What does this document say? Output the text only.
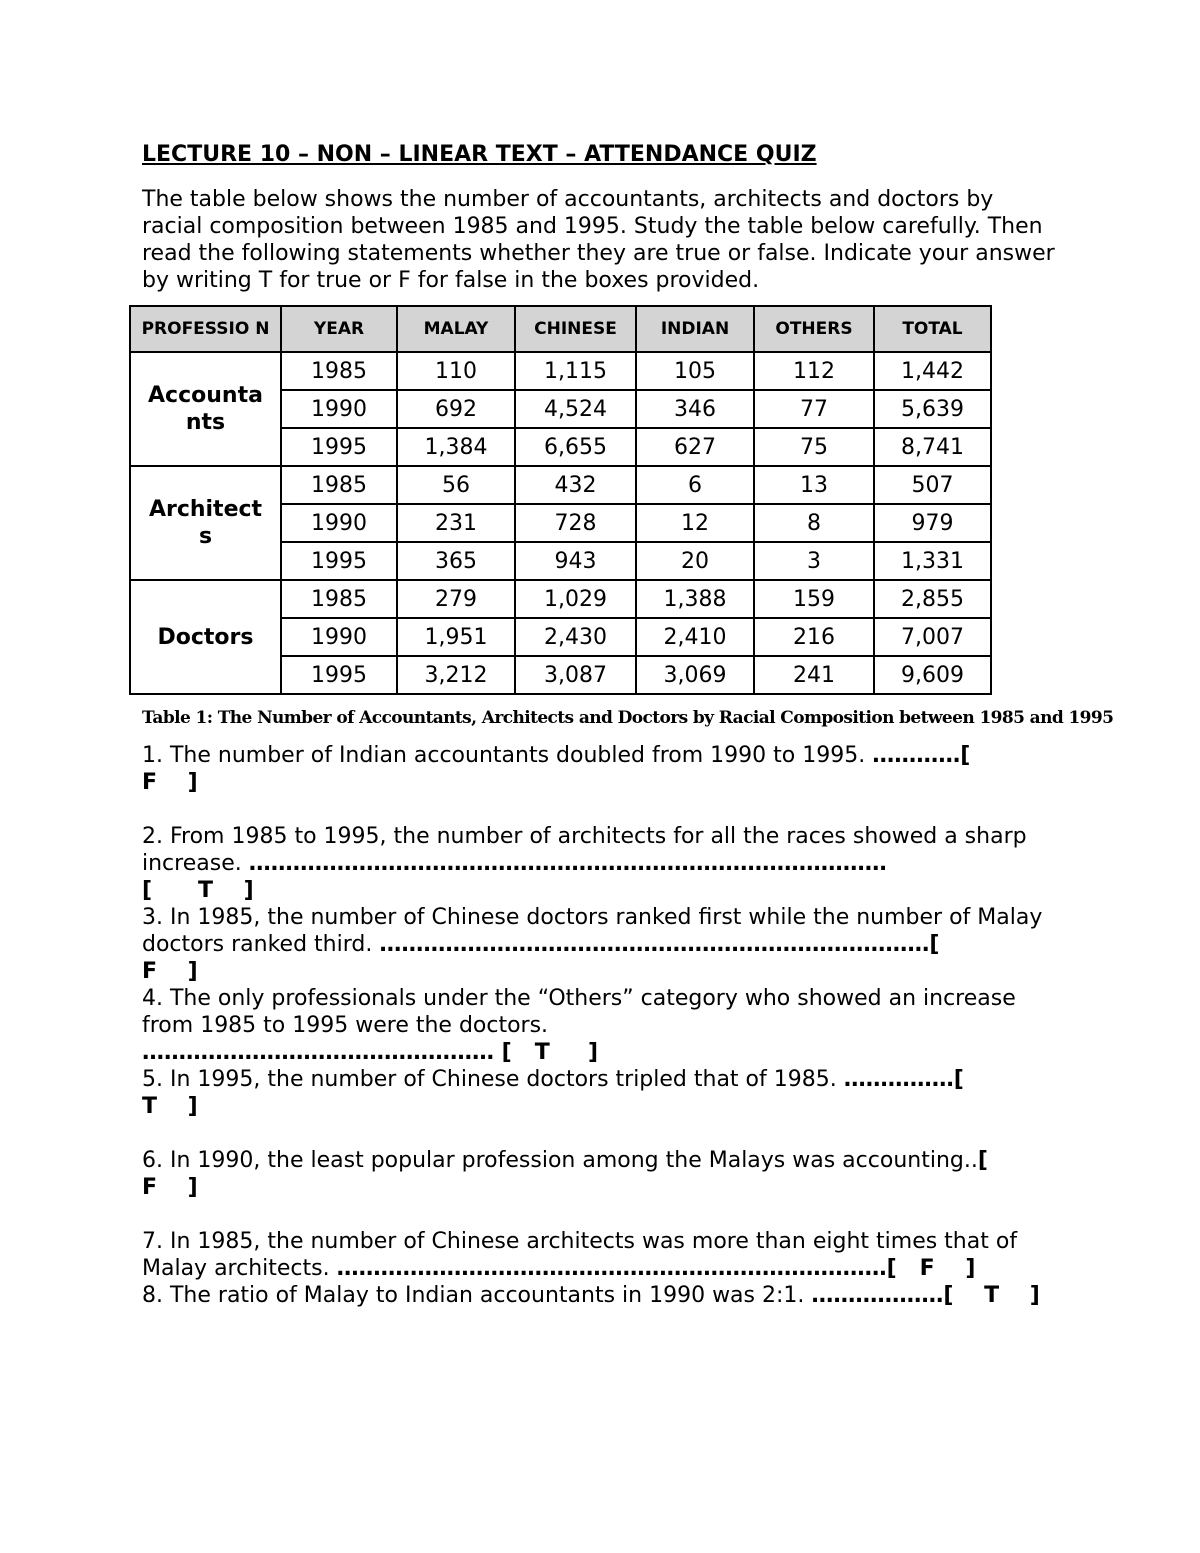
LECTURE 10 – NON – LINEAR TEXT – ATTENDANCE QUIZ

The table below shows the number of accountants, architects and doctors by racial composition between 1985 and 1995. Study the table below carefully. Then read the following statements whether they are true or false. Indicate your answer by writing T for true or F for false in the boxes provided.

PROFESSIO N	YEAR	MALAY	CHINESE	INDIAN	OTHERS	TOTAL
Accounta nts	1985	110	1,115	105	112	1,442
	1990	692	4,524	346	77	5,639
	1995	1,384	6,655	627	75	8,741
Architect s	1985	56	432	6	13	507
	1990	231	728	12	8	979
	1995	365	943	20	3	1,331
Doctors	1985	279	1,029	1,388	159	2,855
	1990	1,951	2,430	2,410	216	7,007
	1995	3,212	3,087	3,069	241	9,609
Table 1: The Number of Accountants, Architects and Doctors by Racial Composition between 1985 and 1995

1. The number of Indian accountants doubled from 1990 to 1995. …………[
F    ]

2. From 1985 to 1995, the number of architects for all the races showed a sharp increase. ……………………………………………………………………………
[      T    ]

3. In 1985, the number of Chinese doctors ranked first while the number of Malay doctors ranked third. …………………………………………………………………[
F    ]

4. The only professionals under the “Others” category who showed an increase from 1985 to 1995 were the doctors.
………………………………………… [   T     ]

5. In 1995, the number of Chinese doctors tripled that of 1985. ……………[
T    ]

6. In 1990, the least popular profession among the Malays was accounting..[
F    ]

7. In 1985, the number of Chinese architects was more than eight times that of Malay architects. …………………………………………………………………[   F    ]

8. The ratio of Malay to Indian accountants in 1990 was 2:1. ………………[    T    ]
